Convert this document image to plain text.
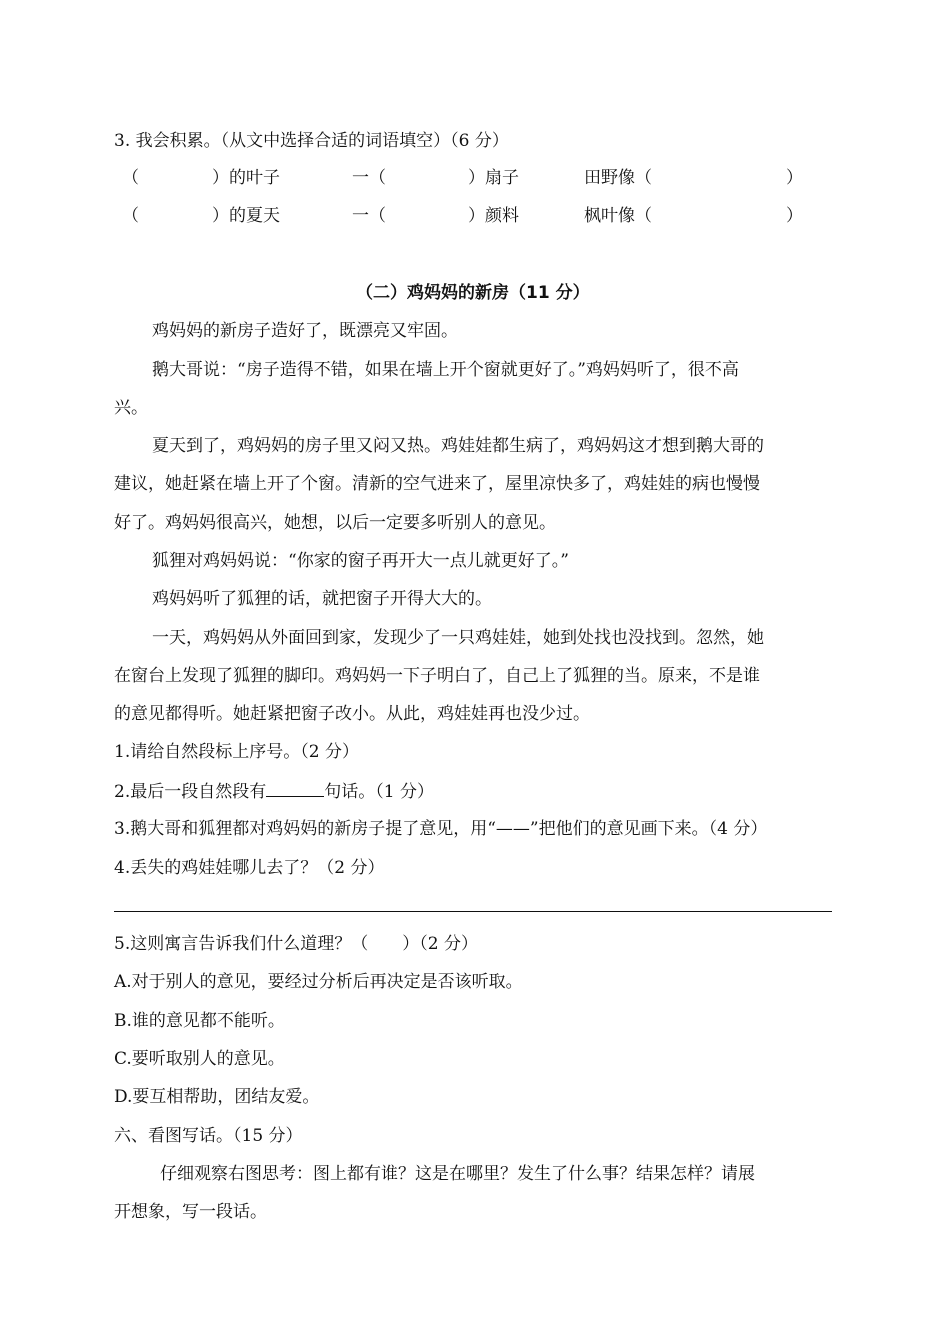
3. 我会积累。（从文中选择合适的词语填空）（6 分）
（	）的叶子	一（	）扇子	田野像（	）
（	）的夏天	一（	）颜料	枫叶像（	）
（二）鸡妈妈的新房（11 分）
鸡妈妈的新房子造好了，既漂亮又牢固。
鹅大哥说：“房子造得不错，如果在墙上开个窗就更好了。”鸡妈妈听了，很不高
兴。
夏天到了，鸡妈妈的房子里又闷又热。鸡娃娃都生病了，鸡妈妈这才想到鹅大哥的
建议，她赶紧在墙上开了个窗。清新的空气进来了，屋里凉快多了，鸡娃娃的病也慢慢
好了。鸡妈妈很高兴，她想，以后一定要多听别人的意见。
狐狸对鸡妈妈说：“你家的窗子再开大一点儿就更好了。”
鸡妈妈听了狐狸的话，就把窗子开得大大的。
一天，鸡妈妈从外面回到家，发现少了一只鸡娃娃，她到处找也没找到。忽然，她
在窗台上发现了狐狸的脚印。鸡妈妈一下子明白了，自己上了狐狸的当。原来，不是谁
的意见都得听。她赶紧把窗子改小。从此，鸡娃娃再也没少过。
1.请给自然段标上序号。（2 分）
2.最后一段自然段有	句话。（1 分）
3.鹅大哥和狐狸都对鸡妈妈的新房子提了意见，用“——”把他们的意见画下来。（4 分）
4.丢失的鸡娃娃哪儿去了？（2 分）
5.这则寓言告诉我们什么道理？（　　）（2 分）
A.对于别人的意见，要经过分析后再决定是否该听取。
B.谁的意见都不能听。
C.要听取别人的意见。
D.要互相帮助，团结友爱。
六、看图写话。（15 分）
仔细观察右图思考：图上都有谁？这是在哪里？发生了什么事？结果怎样？请展
开想象，写一段话。
